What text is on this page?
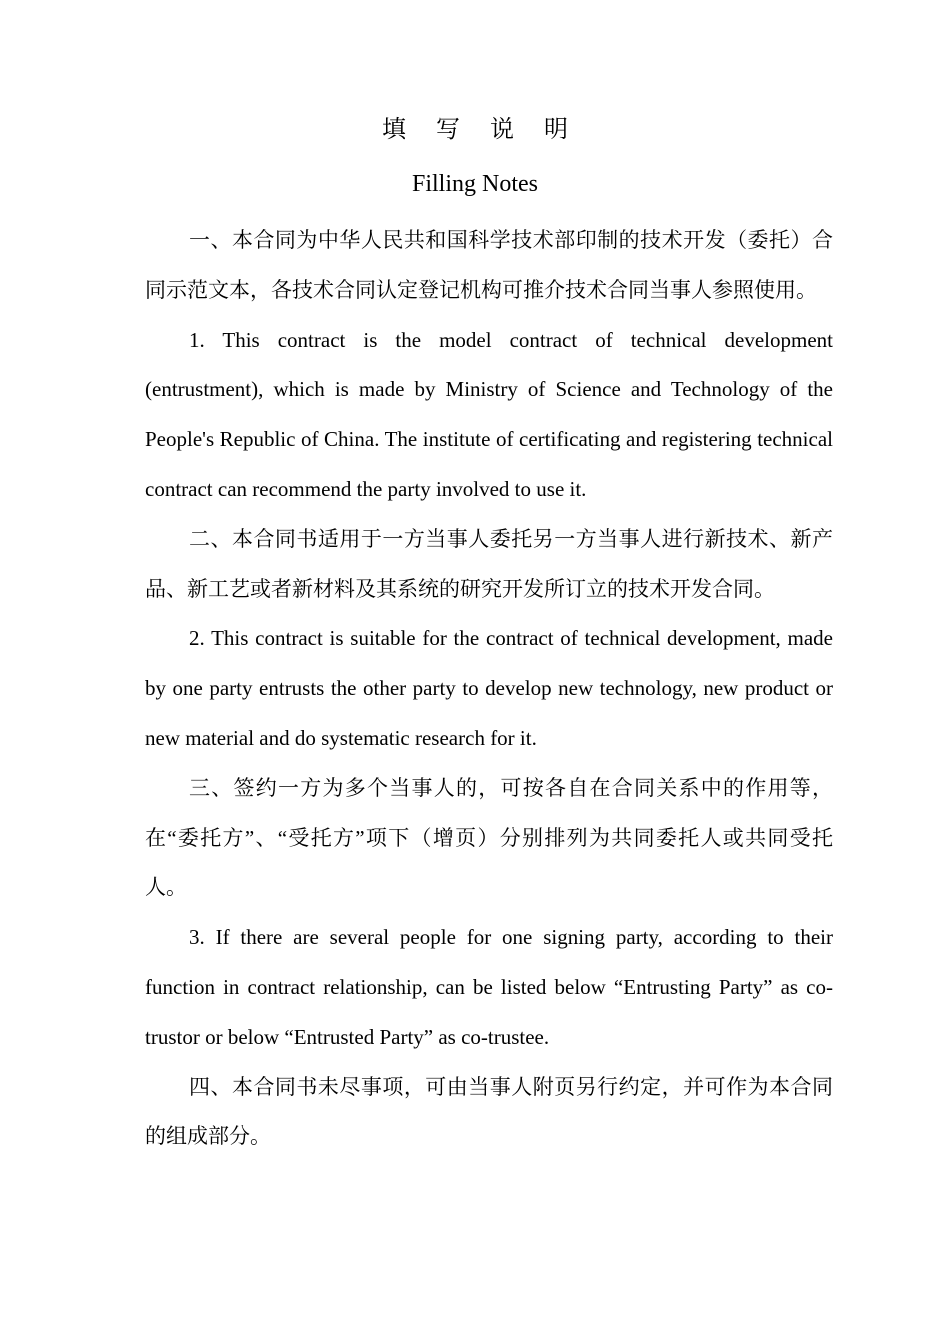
填 写 说 明
Filling Notes

一、本合同为中华人民共和国科学技术部印制的技术开发（委托）合同示范文本，各技术合同认定登记机构可推介技术合同当事人参照使用。

1. This contract is the model contract of technical development (entrustment), which is made by Ministry of Science and Technology of the People's Republic of China. The institute of certificating and registering technical contract can recommend the party involved to use it.

二、本合同书适用于一方当事人委托另一方当事人进行新技术、新产品、新工艺或者新材料及其系统的研究开发所订立的技术开发合同。

2. This contract is suitable for the contract of technical development, made by one party entrusts the other party to develop new technology, new product or new material and do systematic research for it.

三、签约一方为多个当事人的，可按各自在合同关系中的作用等，在“委托方”、“受托方”项下（增页）分别排列为共同委托人或共同受托人。

3. If there are several people for one signing party, according to their function in contract relationship, can be listed below “Entrusting Party” as co-trustor or below “Entrusted Party” as co-trustee.

四、本合同书未尽事项，可由当事人附页另行约定，并可作为本合同的组成部分。
